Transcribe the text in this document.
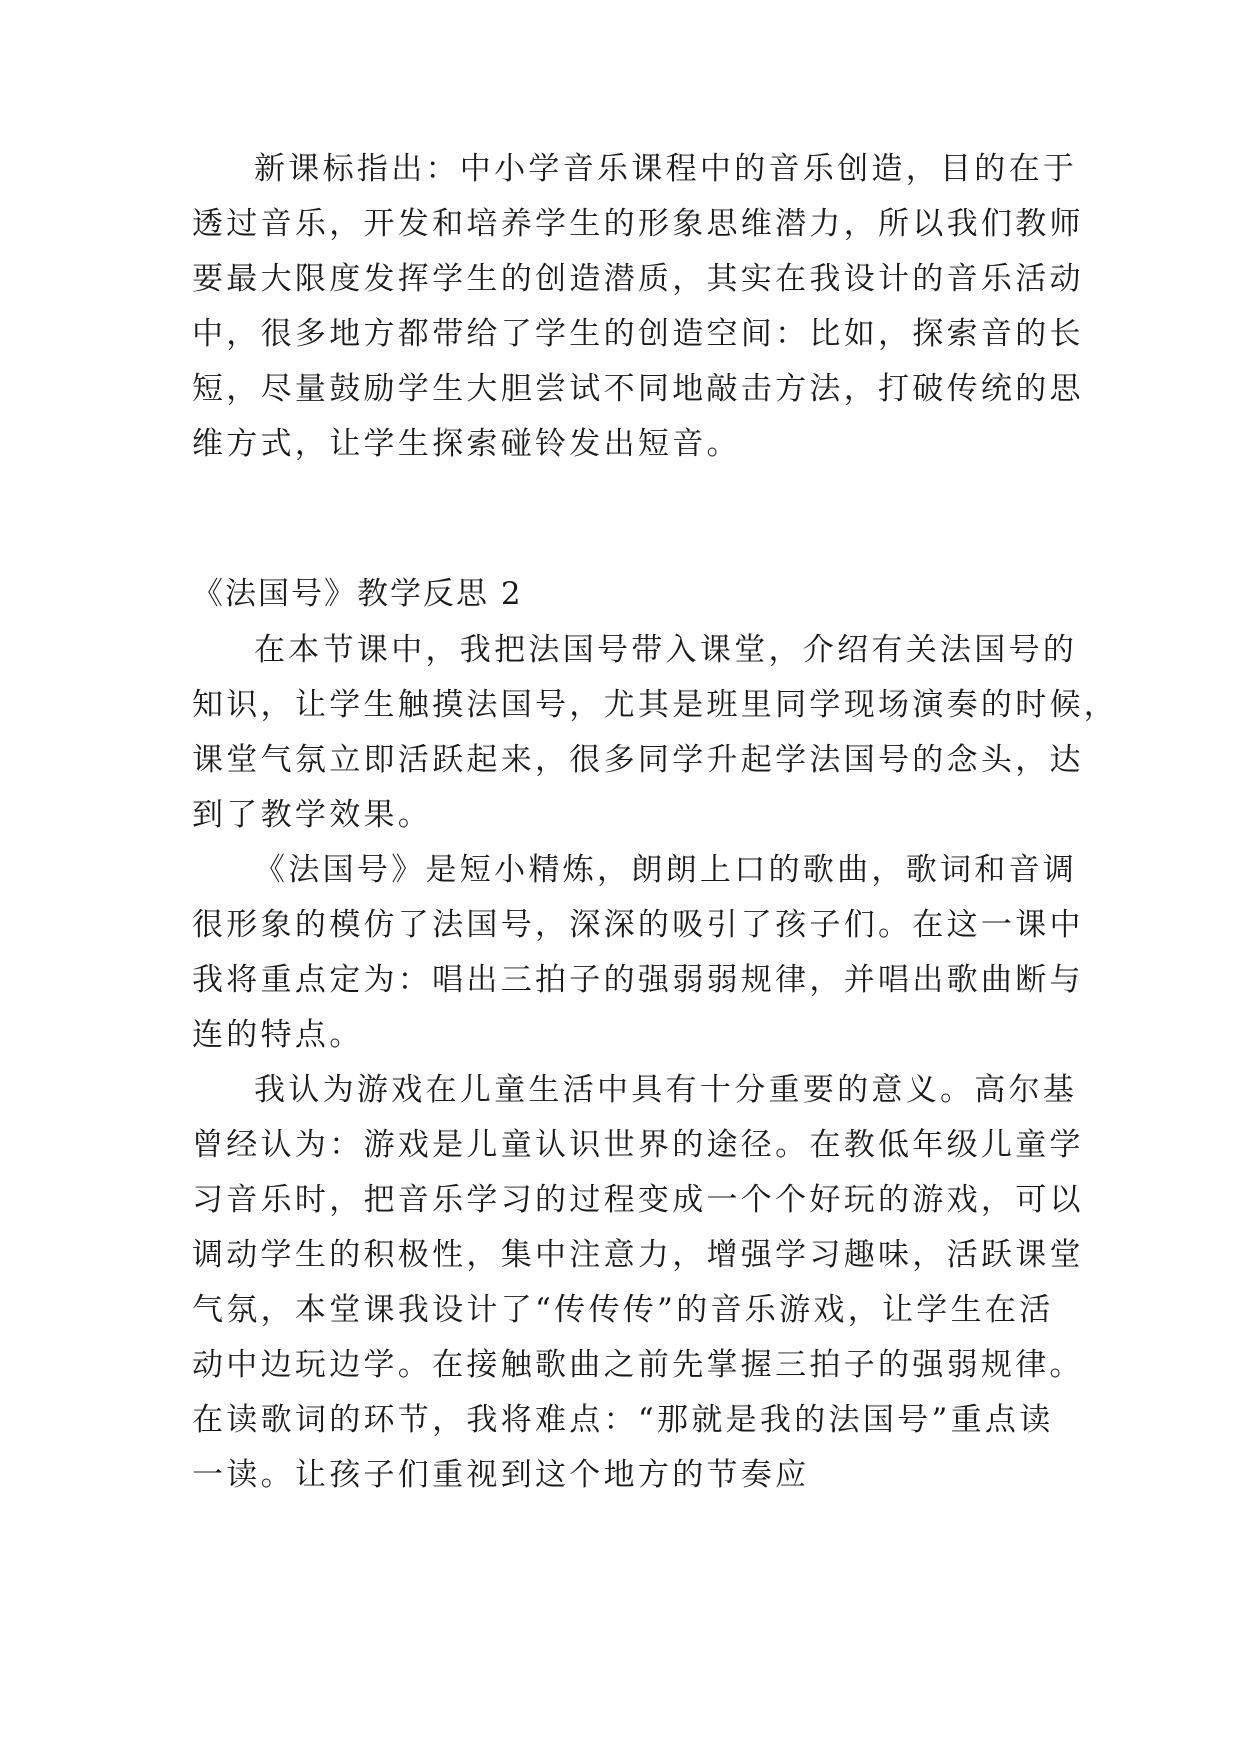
新课标指出：中小学音乐课程中的音乐创造，目的在于
透过音乐，开发和培养学生的形象思维潜力，所以我们教师
要最大限度发挥学生的创造潜质，其实在我设计的音乐活动
中，很多地方都带给了学生的创造空间：比如，探索音的长
短，尽量鼓励学生大胆尝试不同地敲击方法，打破传统的思
维方式，让学生探索碰铃发出短音。
《法国号》教学反思 2
在本节课中，我把法国号带入课堂，介绍有关法国号的
知识，让学生触摸法国号，尤其是班里同学现场演奏的时候，
课堂气氛立即活跃起来，很多同学升起学法国号的念头，达
到了教学效果。
《法国号》是短小精炼，朗朗上口的歌曲，歌词和音调
很形象的模仿了法国号，深深的吸引了孩子们。在这一课中
我将重点定为：唱出三拍子的强弱弱规律，并唱出歌曲断与
连的特点。
我认为游戏在儿童生活中具有十分重要的意义。高尔基
曾经认为：游戏是儿童认识世界的途径。在教低年级儿童学
习音乐时，把音乐学习的过程变成一个个好玩的游戏，可以
调动学生的积极性，集中注意力，增强学习趣味，活跃课堂
气氛，本堂课我设计了“传传传”的音乐游戏，让学生在活
动中边玩边学。在接触歌曲之前先掌握三拍子的强弱规律。
在读歌词的环节，我将难点：“那就是我的法国号”重点读
一读。让孩子们重视到这个地方的节奏应
